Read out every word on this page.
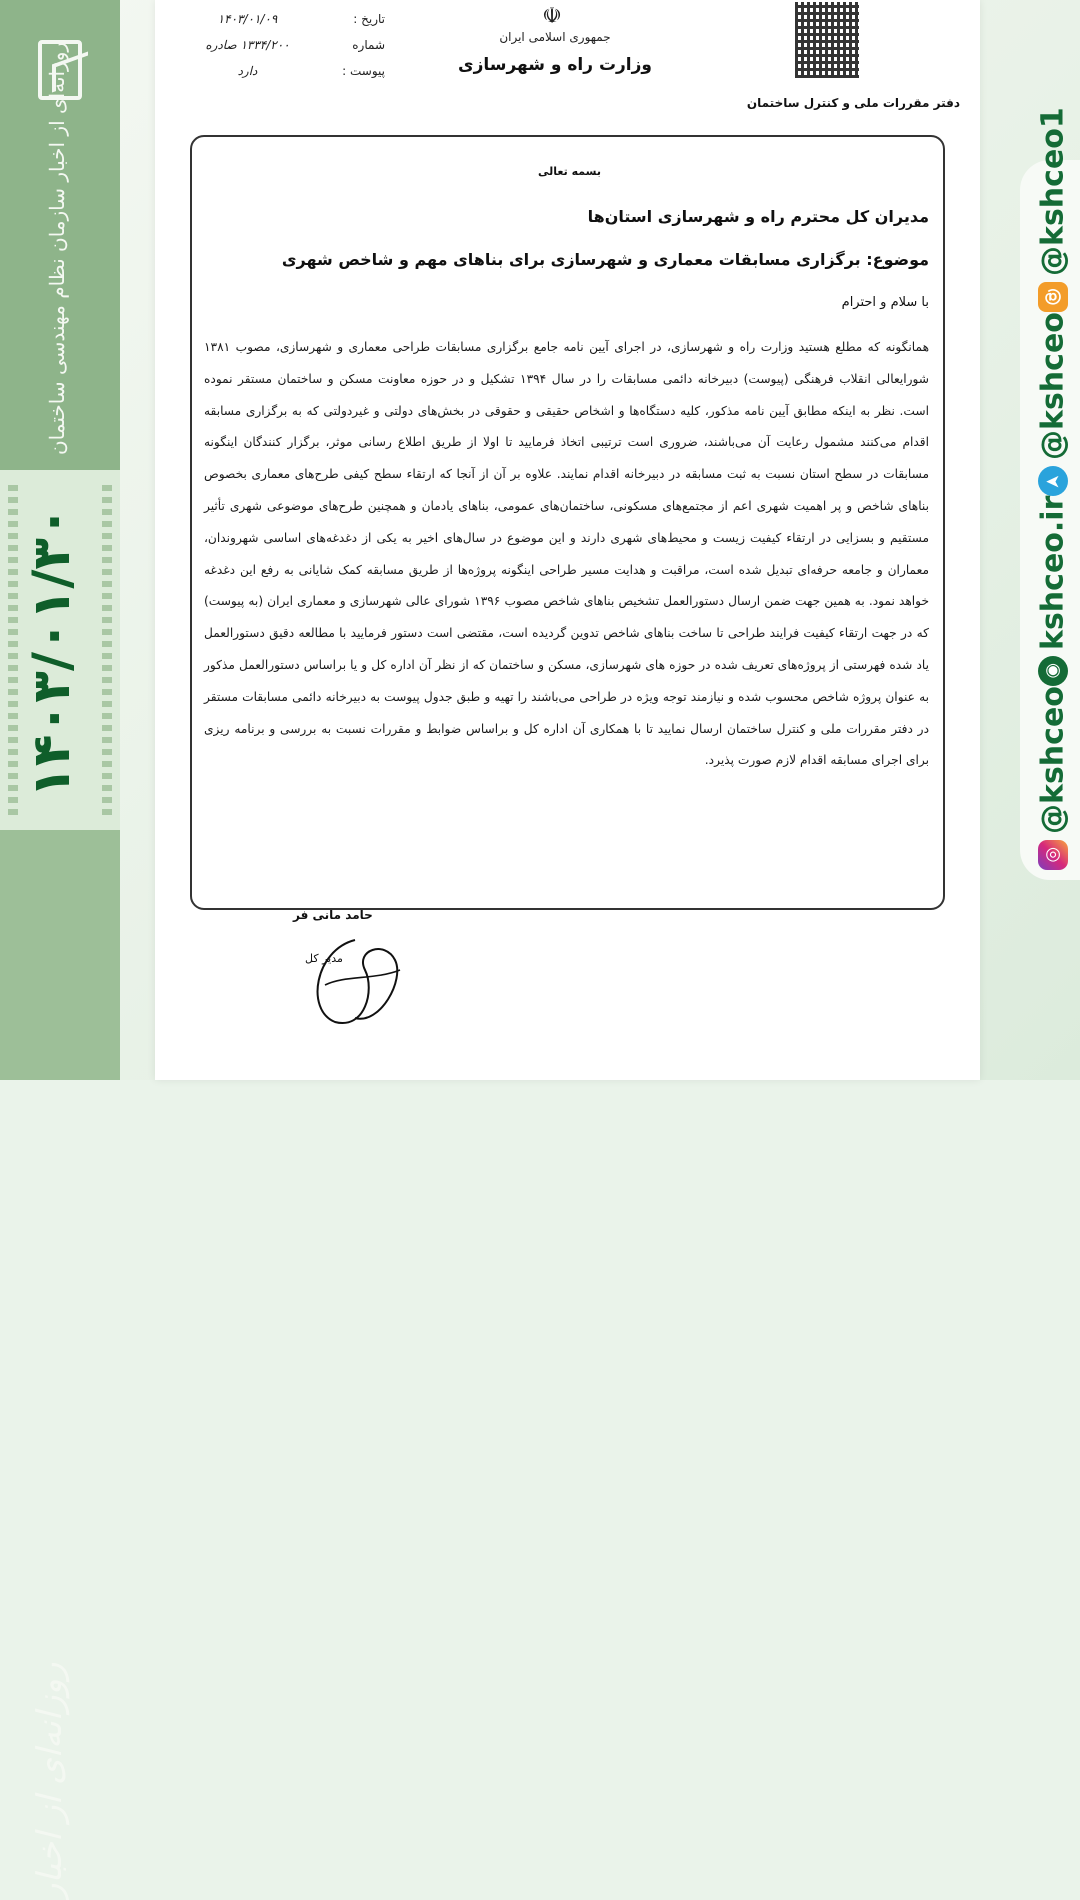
روزانه‌ای از اخبار سازمان نظام مهندسی ساختمان
۱۴۰۳/۰۱/۳۰
روزانه‌ای از اخبار
◎
@kshceo
◉
kshceo.ir
➤
@kshceo
@
@kshceo1
تاریخ :
۱۴۰۳/۰۱/۰۹
شماره
۱۳۳۴/۲۰۰ صادره
پیوست :
دارد
☫
جمهوری اسلامی ایران
وزارت راه و شهرسازی
دفتر مقررات ملی و کنترل ساختمان
بسمه تعالی
مدیران کل محترم راه و شهرسازی استان‌ها
موضوع: برگزاری مسابقات معماری و شهرسازی برای بناهای مهم و شاخص شهری
با سلام و احترام
همانگونه که مطلع هستید وزارت راه و شهرسازی، در اجرای آیین نامه جامع برگزاری مسابقات طراحی معماری و شهرسازی، مصوب ۱۳۸۱ شورایعالی انقلاب فرهنگی (پیوست) دبیرخانه دائمی مسابقات را در سال ۱۳۹۴ تشکیل و در حوزه معاونت مسکن و ساختمان مستقر نموده است. نظر به اینکه مطابق آیین نامه مذکور، کلیه دستگاه‌ها و اشخاص حقیقی و حقوقی در بخش‌های دولتی و غیردولتی که به برگزاری مسابقه اقدام می‌کنند مشمول رعایت آن می‌باشند، ضروری است ترتیبی اتخاذ فرمایید تا اولا از طریق اطلاع رسانی موثر، برگزار کنندگان اینگونه مسابقات در سطح استان نسبت به ثبت مسابقه در دبیرخانه اقدام نمایند. علاوه بر آن از آنجا که ارتقاء سطح کیفی طرح‌های معماری بخصوص بناهای شاخص و پر اهمیت شهری اعم از مجتمع‌های مسکونی، ساختمان‌های عمومی، بناهای یادمان و همچنین طرح‌های موضوعی شهری تأثیر مستقیم و بسزایی در ارتقاء کیفیت زیست و محیط‌های شهری دارند و این موضوع در سال‌های اخیر به یکی از دغدغه‌های اساسی شهروندان، معماران و جامعه حرفه‌ای تبدیل شده است، مراقبت و هدایت مسیر طراحی اینگونه پروژه‌ها از طریق مسابقه کمک شایانی به رفع این دغدغه خواهد نمود. به همین جهت ضمن ارسال دستورالعمل تشخیص بناهای شاخص مصوب ۱۳۹۶ شورای عالی شهرسازی و معماری ایران (به پیوست) که در جهت ارتقاء کیفیت فرایند طراحی تا ساخت بناهای شاخص تدوین گردیده است، مقتضی است دستور فرمایید با مطالعه دقیق دستورالعمل یاد شده فهرستی از پروژه‌های تعریف شده در حوزه های شهرسازی، مسکن و ساختمان که از نظر آن اداره کل و یا براساس دستورالعمل مذکور به عنوان پروژه شاخص محسوب شده و نیازمند توجه ویژه در طراحی می‌باشند را تهیه و طبق جدول پیوست به دبیرخانه دائمی مسابقات مستقر در دفتر مقررات ملی و کنترل ساختمان ارسال نمایید تا با همکاری آن اداره کل و براساس ضوابط و مقررات نسبت به بررسی و برنامه ریزی برای اجرای مسابقه اقدام لازم صورت پذیرد.
حامد مانی فر
مدیر کل
